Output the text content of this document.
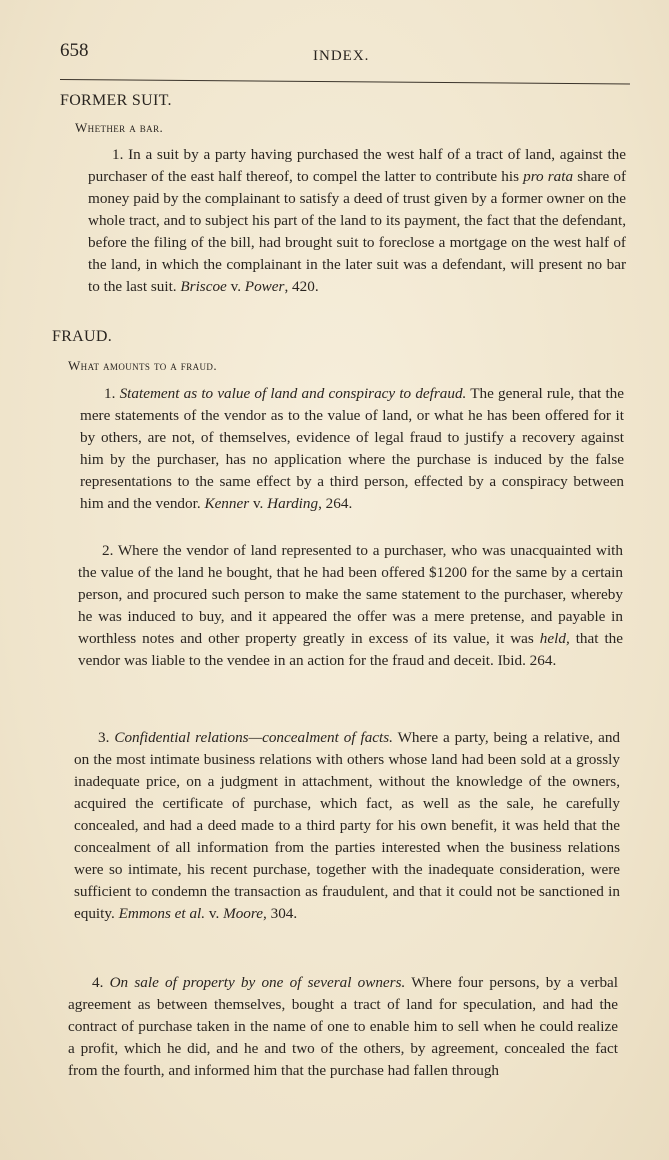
658	INDEX.
FORMER SUIT.
Whether a bar.
1. In a suit by a party having purchased the west half of a tract of land, against the purchaser of the east half thereof, to compel the latter to contribute his pro rata share of money paid by the complainant to satisfy a deed of trust given by a former owner on the whole tract, and to subject his part of the land to its payment, the fact that the defendant, before the filing of the bill, had brought suit to foreclose a mortgage on the west half of the land, in which the complainant in the later suit was a defendant, will present no bar to the last suit. Briscoe v. Power, 420.
FRAUD.
What amounts to a fraud.
1. Statement as to value of land and conspiracy to defraud. The general rule, that the mere statements of the vendor as to the value of land, or what he has been offered for it by others, are not, of themselves, evidence of legal fraud to justify a recovery against him by the purchaser, has no application where the purchase is induced by the false representations to the same effect by a third person, effected by a conspiracy between him and the vendor. Kenner v. Harding, 264.
2. Where the vendor of land represented to a purchaser, who was unacquainted with the value of the land he bought, that he had been offered $1200 for the same by a certain person, and procured such person to make the same statement to the purchaser, whereby he was induced to buy, and it appeared the offer was a mere pretense, and payable in worthless notes and other property greatly in excess of its value, it was held, that the vendor was liable to the vendee in an action for the fraud and deceit. Ibid. 264.
3. Confidential relations—concealment of facts. Where a party, being a relative, and on the most intimate business relations with others whose land had been sold at a grossly inadequate price, on a judgment in attachment, without the knowledge of the owners, acquired the certificate of purchase, which fact, as well as the sale, he carefully concealed, and had a deed made to a third party for his own benefit, it was held that the concealment of all information from the parties interested when the business relations were so intimate, his recent purchase, together with the inadequate consideration, were sufficient to condemn the transaction as fraudulent, and that it could not be sanctioned in equity. Emmons et al. v. Moore, 304.
4. On sale of property by one of several owners. Where four persons, by a verbal agreement as between themselves, bought a tract of land for speculation, and had the contract of purchase taken in the name of one to enable him to sell when he could realize a profit, which he did, and he and two of the others, by agreement, concealed the fact from the fourth, and informed him that the purchase had fallen through
